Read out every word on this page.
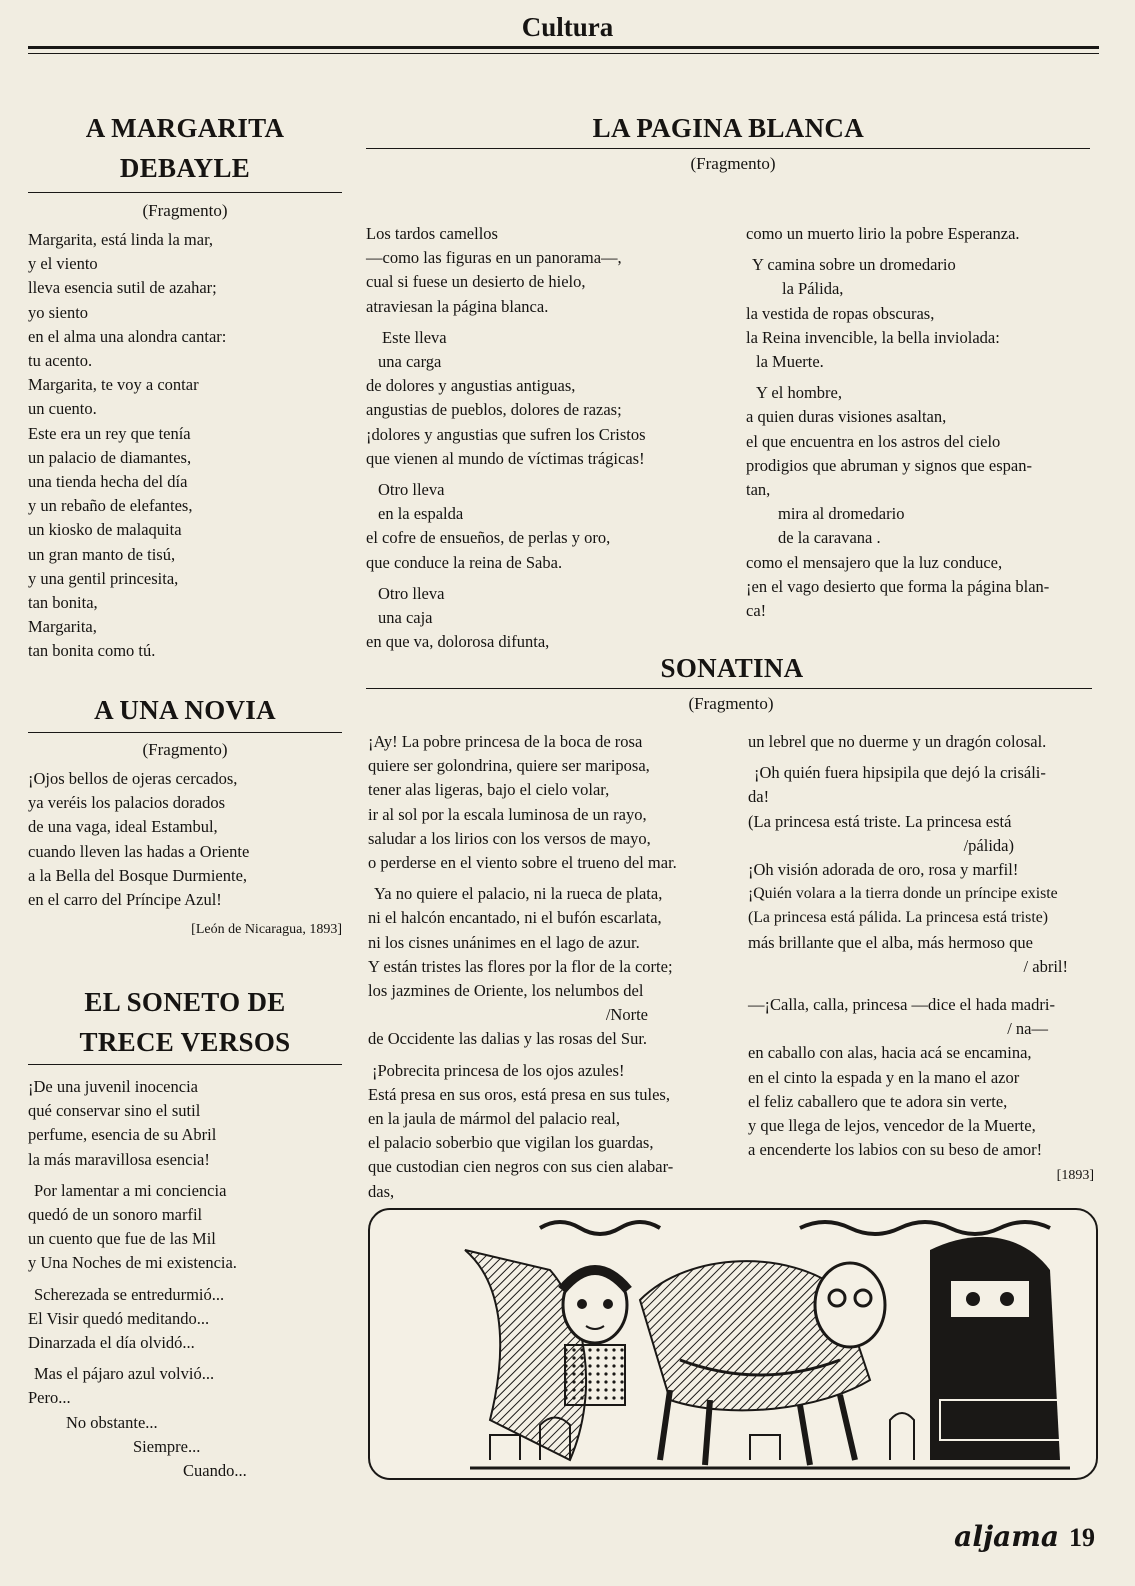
Cultura
A MARGARITA
DEBAYLE
(Fragmento)
Margarita, está linda la mar,
y el viento
lleva esencia sutil de azahar;
yo siento
en el alma una alondra cantar:
tu acento.
Margarita, te voy a contar
un cuento.
Este era un rey que tenía
un palacio de diamantes,
una tienda hecha del día
y un rebaño de elefantes,
un kiosko de malaquita
un gran manto de tisú,
y una gentil princesita,
tan bonita,
Margarita,
tan bonita como tú.
A UNA NOVIA
(Fragmento)
¡Ojos bellos de ojeras cercados,
ya veréis los palacios dorados
de una vaga, ideal Estambul,
cuando lleven las hadas a Oriente
a la Bella del Bosque Durmiente,
en el carro del Príncipe Azul!
[León de Nicaragua, 1893]
EL SONETO DE
TRECE VERSOS
¡De una juvenil inocencia
qué conservar sino el sutil
perfume, esencia de su Abril
la más maravillosa esencia!
Por lamentar a mi conciencia
quedó de un sonoro marfil
un cuento que fue de las Mil
y Una Noches de mi existencia.
Scherezada se entredurmió...
El Visir quedó meditando...
Dinarzada el día olvidó...
Mas el pájaro azul volvió...
Pero...
No obstante...
Siempre...
Cuando...
LA PAGINA BLANCA
(Fragmento)
Los tardos camellos
—como las figuras en un panorama—,
cual si fuese un desierto de hielo,
atraviesan la página blanca.
Este lleva
una carga
de dolores y angustias antiguas,
angustias de pueblos, dolores de razas;
¡dolores y angustias que sufren los Cristos
que vienen al mundo de víctimas trágicas!
Otro lleva
en la espalda
el cofre de ensueños, de perlas y oro,
que conduce la reina de Saba.
Otro lleva
una caja
en que va, dolorosa difunta,
como un muerto lirio la pobre Esperanza.
Y camina sobre un dromedario
la Pálida,
la vestida de ropas obscuras,
la Reina invencible, la bella inviolada:
la Muerte.
Y el hombre,
a quien duras visiones asaltan,
el que encuentra en los astros del cielo
prodigios que abruman y signos que espan-
tan,
mira al dromedario
de la caravana .
como el mensajero que la luz conduce,
¡en el vago desierto que forma la página blan-
ca!
SONATINA
(Fragmento)
¡Ay! La pobre princesa de la boca de rosa
quiere ser golondrina, quiere ser mariposa,
tener alas ligeras, bajo el cielo volar,
ir al sol por la escala luminosa de un rayo,
saludar a los lirios con los versos de mayo,
o perderse en el viento sobre el trueno del mar.
Ya no quiere el palacio, ni la rueca de plata,
ni el halcón encantado, ni el bufón escarlata,
ni los cisnes unánimes en el lago de azur.
Y están tristes las flores por la flor de la corte;
los jazmines de Oriente, los nelumbos del
/Norte
de Occidente las dalias y las rosas del Sur.
¡Pobrecita princesa de los ojos azules!
Está presa en sus oros, está presa en sus tules,
en la jaula de mármol del palacio real,
el palacio soberbio que vigilan los guardas,
que custodian cien negros con sus cien alabar-
das,
un lebrel que no duerme y un dragón colosal.
¡Oh quién fuera hipsipila que dejó la crisáli-
da!
(La princesa está triste. La princesa está
/pálida)
¡Oh visión adorada de oro, rosa y marfil!
¡Quién volara a la tierra donde un príncipe existe
(La princesa está pálida. La princesa está triste)
más brillante que el alba, más hermoso que
/ abril!
—¡Calla, calla, princesa —dice el hada madri-
/ na—
en caballo con alas, hacia acá se encamina,
en el cinto la espada y en la mano el azor
el feliz caballero que te adora sin verte,
y que llega de lejos, vencedor de la Muerte,
a encenderte los labios con su beso de amor!
[1893]
aljama 19
